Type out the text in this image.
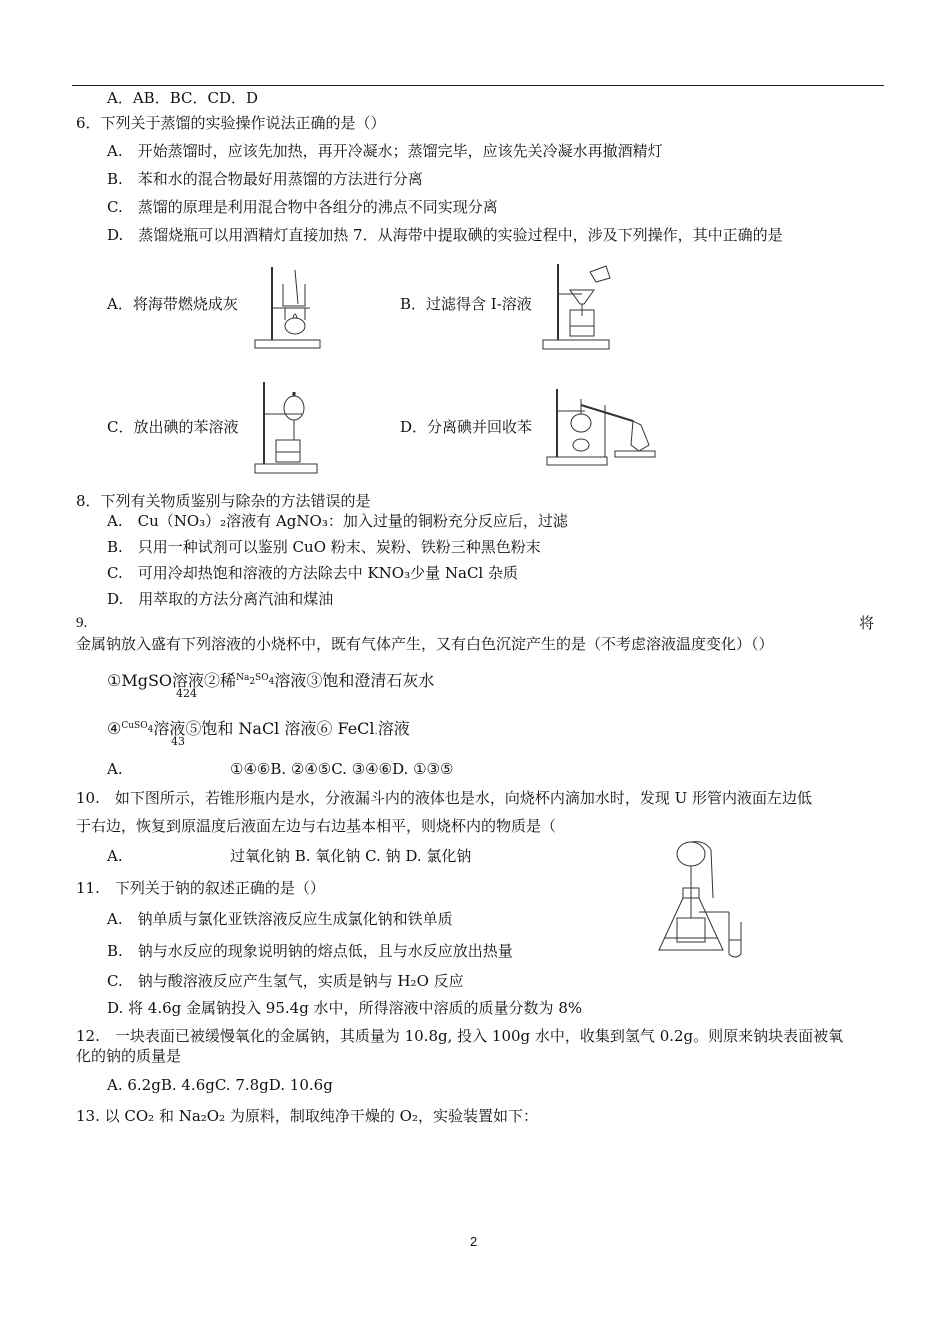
A．AB．BC．CD．D
6．下列关于蒸馏的实验操作说法正确的是（）
A.　开始蒸馏时，应该先加热，再开冷凝水；蒸馏完毕，应该先关冷凝水再撤酒精灯
B.　苯和水的混合物最好用蒸馏的方法进行分离
C.　蒸馏的原理是利用混合物中各组分的沸点不同实现分离
D.　蒸馏烧瓶可以用酒精灯直接加热 7．从海带中提取碘的实验过程中，涉及下列操作，其中正确的是
A．将海带燃烧成灰	B．过滤得含 I-溶液
C．放出碘的苯溶液	D．分离碘并回收苯
8．下列有关物质鉴别与除杂的方法错误的是
A.　Cu（NO₃）₂溶液有 AgNO₃：加入过量的铜粉充分反应后，过滤
B.　只用一种试剂可以鉴别 CuO 粉末、炭粉、铁粉三种黑色粉末
C.　可用冷却热饱和溶液的方法除去中 KNO₃少量 NaCl 杂质
D.　用萃取的方法分离汽油和煤油
9.	将
金属钠放入盛有下列溶液的小烧杯中，既有气体产生，又有白色沉淀产生的是（不考虑溶液温度变化）（）
①MgSO溶液②稀$^{Na}2^{SO}4$溶液③饱和澄清石灰水
424
④$^{CuSO}$4溶液⑤饱和 NaCl 溶液⑥ FeCl.溶液
43
A.	①④⑥B. ②④⑤C. ③④⑥D. ①③⑤
10.　如下图所示，若锥形瓶内是水，分液漏斗内的液体也是水，向烧杯内滴加水时，发现 U 形管内液面左边低
于右边，恢复到原温度后液面左边与右边基本相平，则烧杯内的物质是（
A.	过氧化钠 B. 氧化钠 C. 钠 D. 氯化钠
11.　下列关于钠的叙述正确的是（）
A.　钠单质与氯化亚铁溶液反应生成氯化钠和铁单质
B.　钠与水反应的现象说明钠的熔点低，且与水反应放出热量
C.　钠与酸溶液反应产生氢气，实质是钠与 H₂O 反应
D. 将 4.6g 金属钠投入 95.4g 水中，所得溶液中溶质的质量分数为 8%
12.　一块表面已被缓慢氧化的金属钠，其质量为 10.8g, 投入 100g 水中，收集到氢气 0.2g。则原来钠块表面被氧
化的钠的质量是
A. 6.2gB. 4.6gC. 7.8gD. 10.6g
13. 以 CO₂ 和 Na₂O₂ 为原料，制取纯净干燥的 O₂，实验装置如下：
2
